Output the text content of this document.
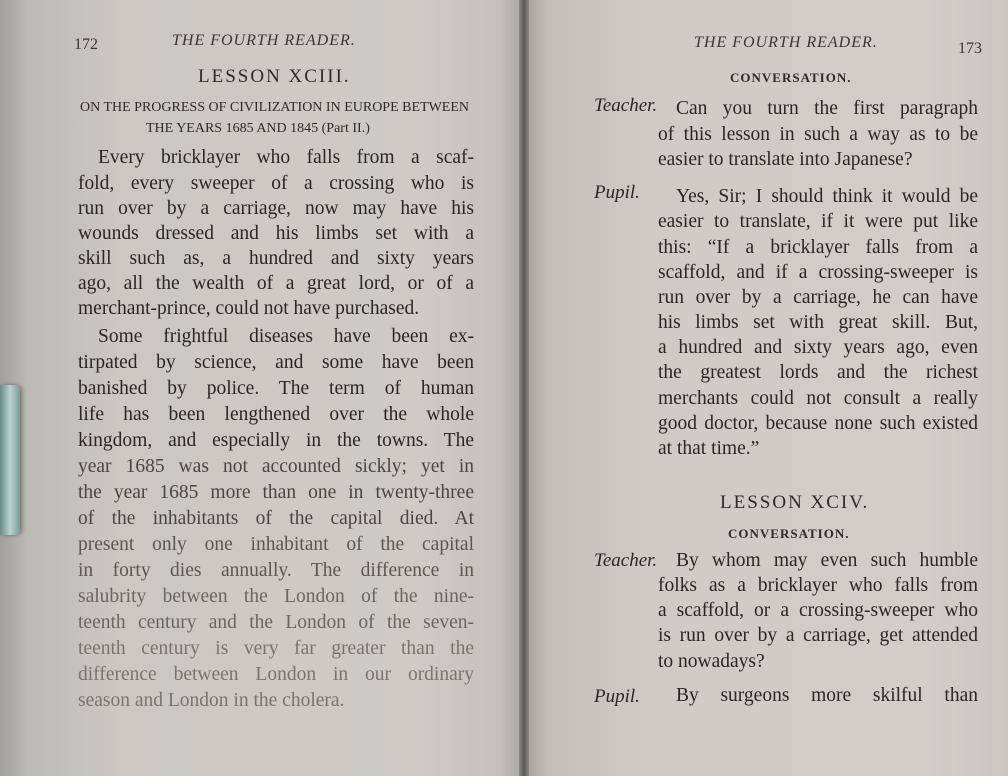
172	THE FOURTH READER.
LESSON XCIII.
ON THE PROGRESS OF CIVILIZATION IN EUROPE BETWEEN
THE YEARS 1685 AND 1845 (Part II.)
Every bricklayer who falls from a scaf-
fold, every sweeper of a crossing who is
run over by a carriage, now may have his
wounds dressed and his limbs set with a
skill such as, a hundred and sixty years
ago, all the wealth of a great lord, or of a
merchant-prince, could not have purchased.
Some frightful diseases have been ex-
tirpated by science, and some have been
banished by police. The term of human
life has been lengthened over the whole
kingdom, and especially in the towns. The
year 1685 was not accounted sickly; yet in
the year 1685 more than one in twenty-three
of the inhabitants of the capital died. At
present only one inhabitant of the capital
in forty dies annually. The difference in
salubrity between the London of the nine-
teenth century and the London of the seven-
teenth century is very far greater than the
difference between London in our ordinary
season and London in the cholera.
THE FOURTH READER.	173
CONVERSATION.
Teacher. Can you turn the first paragraph
of this lesson in such a way as to be
easier to translate into Japanese?
Pupil. Yes, Sir; I should think it would be
easier to translate, if it were put like
this: “If a bricklayer falls from a
scaffold, and if a crossing-sweeper is
run over by a carriage, he can have
his limbs set with great skill. But,
a hundred and sixty years ago, even
the greatest lords and the richest
merchants could not consult a really
good doctor, because none such existed
at that time.”
LESSON XCIV.
CONVERSATION.
Teacher. By whom may even such humble
folks as a bricklayer who falls from
a scaffold, or a crossing-sweeper who
is run over by a carriage, get attended
to nowadays?
Pupil. By surgeons more skilful than
